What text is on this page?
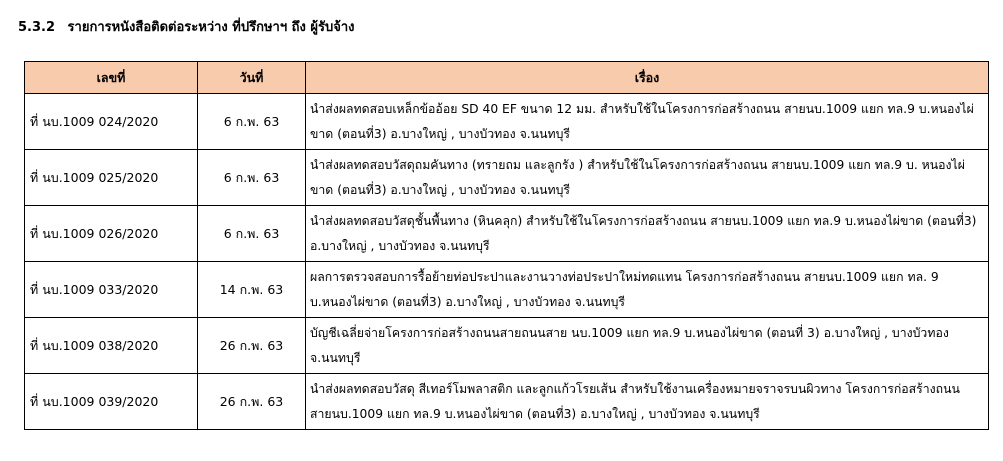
5.3.2 รายการหนังสือติดต่อระหว่าง ที่ปรึกษาฯ ถึง ผู้รับจ้าง
เลขที่	วันที่	เรื่อง
ที่ นบ.1009 024/2020	6 ก.พ. 63	นำส่งผลทดสอบเหล็กข้ออ้อย SD 40 EF ขนาด 12 มม. สำหรับใช้ในโครงการก่อสร้างถนน สายนบ.1009 แยก ทล.9 บ.หนองไผ่ขาด (ตอนที่3) อ.บางใหญ่ , บางบัวทอง จ.นนทบุรี
ที่ นบ.1009 025/2020	6 ก.พ. 63	นำส่งผลทดสอบวัสดุถมคันทาง (ทรายถม และลูกรัง ) สำหรับใช้ในโครงการก่อสร้างถนน สายนบ.1009 แยก ทล.9 บ. หนองไผ่ขาด (ตอนที่3) อ.บางใหญ่ , บางบัวทอง จ.นนทบุรี
ที่ นบ.1009 026/2020	6 ก.พ. 63	นำส่งผลทดสอบวัสดุชั้นพื้นทาง (หินคลุก) สำหรับใช้ในโครงการก่อสร้างถนน สายนบ.1009 แยก ทล.9 บ.หนองไผ่ขาด (ตอนที่3) อ.บางใหญ่ , บางบัวทอง จ.นนทบุรี
ที่ นบ.1009 033/2020	14 ก.พ. 63	ผลการตรวจสอบการรื้อย้ายท่อประปาและงานวางท่อประปาใหม่ทดแทน โครงการก่อสร้างถนน สายนบ.1009 แยก ทล. 9 บ.หนองไผ่ขาด (ตอนที่3) อ.บางใหญ่ , บางบัวทอง จ.นนทบุรี
ที่ นบ.1009 038/2020	26 ก.พ. 63	บัญชีเฉลี่ยจ่ายโครงการก่อสร้างถนนสายถนนสาย นบ.1009 แยก ทล.9 บ.หนองไผ่ขาด (ตอนที่ 3) อ.บางใหญ่ , บางบัวทอง จ.นนทบุรี
ที่ นบ.1009 039/2020	26 ก.พ. 63	นำส่งผลทดสอบวัสดุ สีเทอร์โมพลาสติก และลูกแก้วโรยเส้น สำหรับใช้งานเครื่องหมายจราจรบนผิวทาง โครงการก่อสร้างถนน สายนบ.1009 แยก ทล.9 บ.หนองไผ่ขาด (ตอนที่3) อ.บางใหญ่ , บางบัวทอง จ.นนทบุรี
